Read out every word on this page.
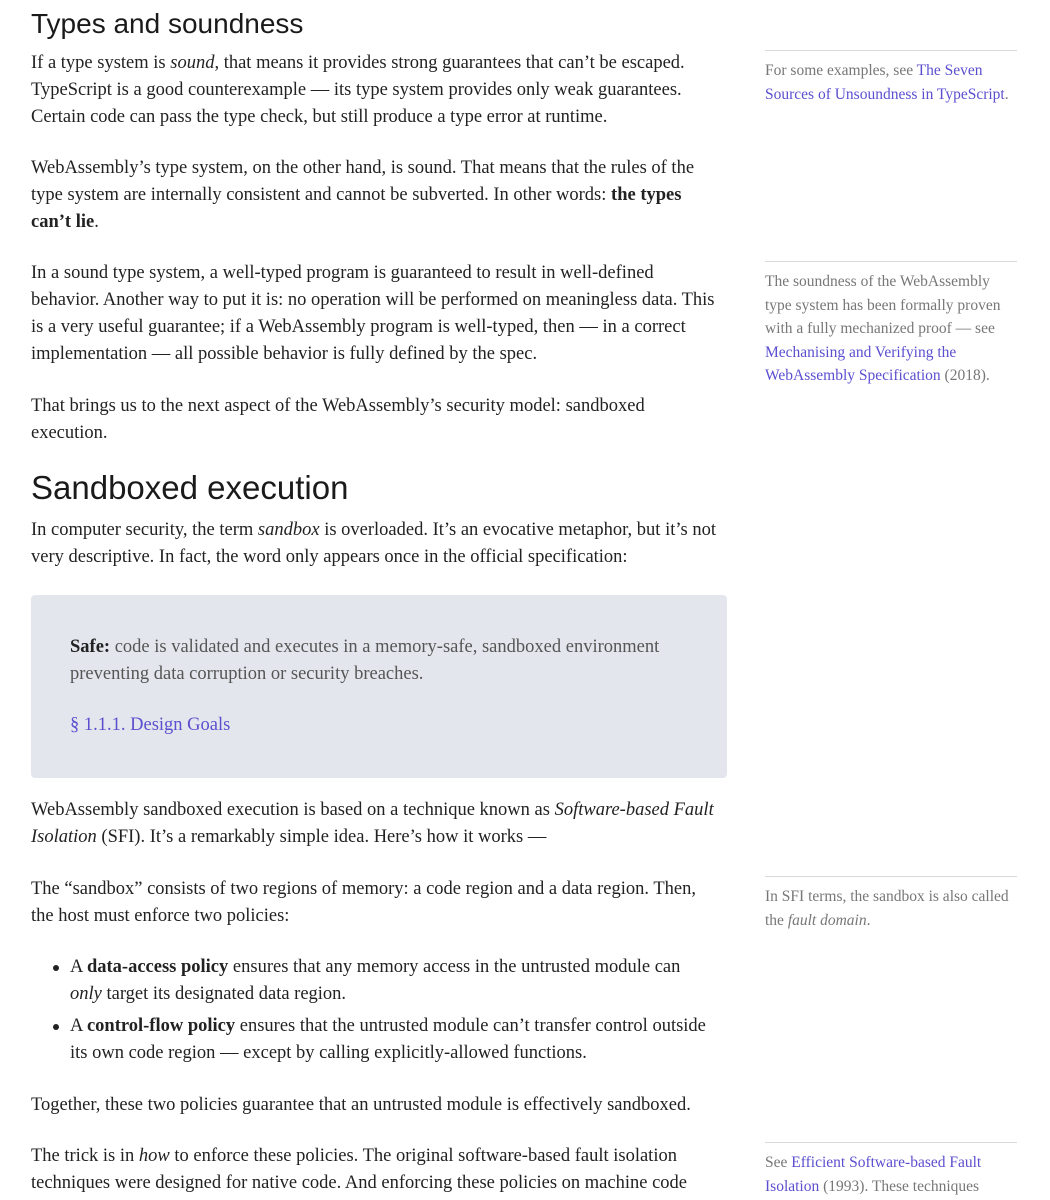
Types and soundness

If a type system is sound, that means it provides strong guarantees that can’t be escaped. TypeScript is a good counterexample — its type system provides only weak guarantees. Certain code can pass the type check, but still produce a type error at runtime.

WebAssembly’s type system, on the other hand, is sound. That means that the rules of the type system are internally consistent and cannot be subverted. In other words: the types can’t lie.

In a sound type system, a well-typed program is guaranteed to result in well-defined behavior. Another way to put it is: no operation will be performed on meaningless data. This is a very useful guarantee; if a WebAssembly program is well-typed, then — in a correct implementation — all possible behavior is fully defined by the spec.

That brings us to the next aspect of the WebAssembly’s security model: sandboxed execution.

Sandboxed execution

In computer security, the term sandbox is overloaded. It’s an evocative metaphor, but it’s not very descriptive. In fact, the word only appears once in the official specification:

Safe: code is validated and executes in a memory-safe, sandboxed environment preventing data corruption or security breaches.

§ 1.1.1. Design Goals

WebAssembly sandboxed execution is based on a technique known as Software-based Fault Isolation (SFI). It’s a remarkably simple idea. Here’s how it works —

The “sandbox” consists of two regions of memory: a code region and a data region. Then, the host must enforce two policies:

A data-access policy ensures that any memory access in the untrusted module can only target its designated data region.
A control-flow policy ensures that the untrusted module can’t transfer control outside its own code region — except by calling explicitly-allowed functions.

Together, these two policies guarantee that an untrusted module is effectively sandboxed.

The trick is in how to enforce these policies. The original software-based fault isolation techniques were designed for native code. And enforcing these policies on machine code

For some examples, see The Seven Sources of Unsoundness in TypeScript.

The soundness of the WebAssembly type system has been formally proven with a fully mechanized proof — see Mechanising and Verifying the WebAssembly Specification (2018).

In SFI terms, the sandbox is also called the fault domain.

See Efficient Software-based Fault Isolation (1993). These techniques
